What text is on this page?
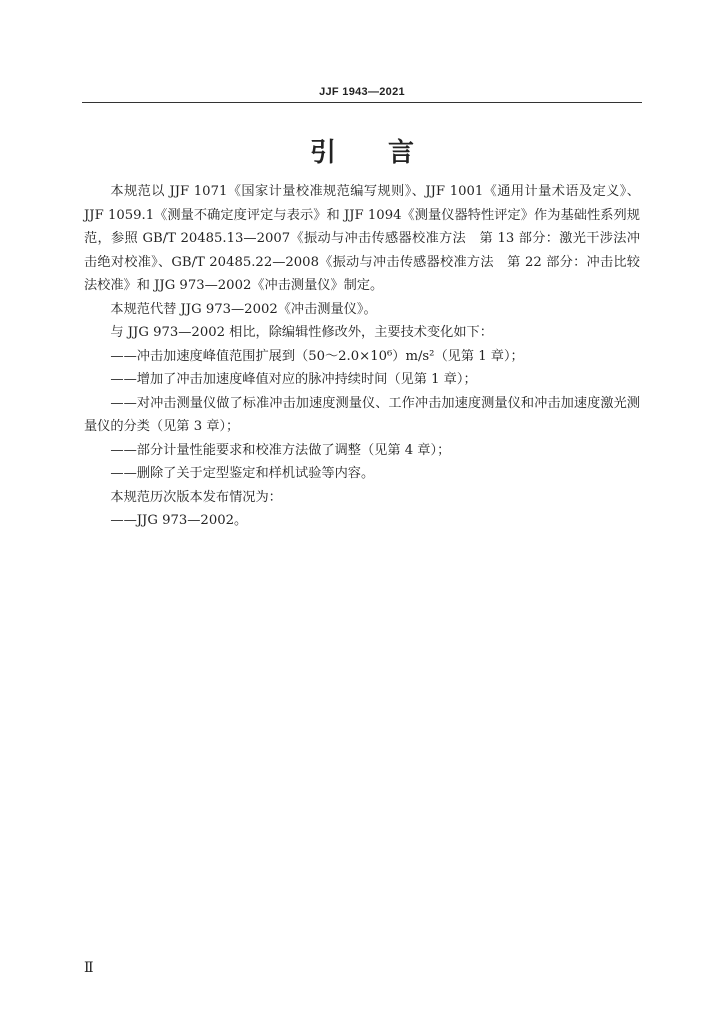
JJF 1943—2021
引言

本规范以 JJF 1071《国家计量校准规范编写规则》、JJF 1001《通用计量术语及定义》、JJF 1059.1《测量不确定度评定与表示》和 JJF 1094《测量仪器特性评定》作为基础性系列规范，参照 GB/T 20485.13—2007《振动与冲击传感器校准方法　第 13 部分：激光干涉法冲击绝对校准》、GB/T 20485.22—2008《振动与冲击传感器校准方法　第 22 部分：冲击比较法校准》和 JJG 973—2002《冲击测量仪》制定。

本规范代替 JJG 973—2002《冲击测量仪》。

与 JJG 973—2002 相比，除编辑性修改外，主要技术变化如下：

——冲击加速度峰值范围扩展到（50～2.0×10⁶）m/s²（见第 1 章）；

——增加了冲击加速度峰值对应的脉冲持续时间（见第 1 章）；

——对冲击测量仪做了标准冲击加速度测量仪、工作冲击加速度测量仪和冲击加速度激光测量仪的分类（见第 3 章）；

——部分计量性能要求和校准方法做了调整（见第 4 章）；

——删除了关于定型鉴定和样机试验等内容。

本规范历次版本发布情况为：

——JJG 973—2002。

Ⅱ
